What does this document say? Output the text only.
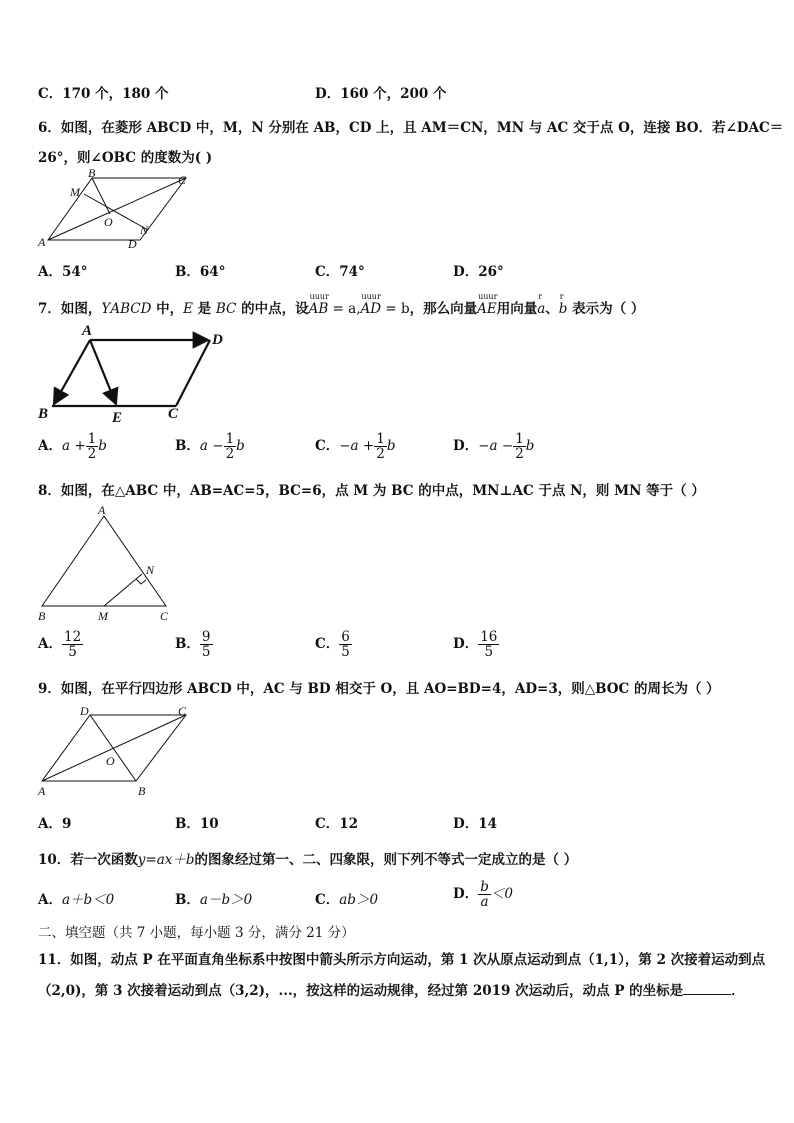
C．170 个，180 个	D．160 个，200 个
6．如图，在菱形 ABCD 中，M，N 分别在 AB，CD 上，且 AM＝CN，MN 与 AC 交于点 O，连接 BO．若∠DAC＝
26°，则∠OBC 的度数为( )
A
B	C
D
M
N
O
A．54°	B．64°	C．74°	D．26°
7．如图，ΥABCD 中，E 是 BC 的中点，设
uuur
AB = a,
uuur
AD = b，那么向量
uuur
AE用向量
r
a、
r
b 表示为（ ）
A
D
B	E	C
A．$a + \frac{1}{2}$ b	B．$a - \frac{1}{2}$ b	C．$-a + \frac{1}{2}$ b	D．$-a - \frac{1}{2}$ b
8．如图，在△ABC 中，AB=AC=5，BC=6，点 M 为 BC 的中点，MN⊥AC 于点 N，则 MN 等于（ ）
A
B	C
M
N
A． $\frac{12}{5}$	B． $\frac{9}{5}$	C． $\frac{6}{5}$	D． $\frac{16}{5}$
9．如图，在平行四边形 ABCD 中，AC 与 BD 相交于 O，且 AO=BD=4，AD=3，则△BOC 的周长为（ ）
A	B
C
D
O
A．9	B．10	C．12	D．14
10．若一次函数y=ax＋b的图象经过第一、二、四象限，则下列不等式一定成立的是（ ）
A．a＋b＜0	B．a－b＞0	C．ab＞0	D． $\frac{b}{a} <0$
二、填空题（共 7 小题，每小题 3 分，满分 21 分）
11．如图，动点 P 在平面直角坐标系中按图中箭头所示方向运动，第 1 次从原点运动到点（1,1），第 2 次接着运动到点
（2,0)，第 3 次接着运动到点（3,2)，...，按这样的运动规律，经过第 2019 次运动后，动点 P 的坐标是	．
